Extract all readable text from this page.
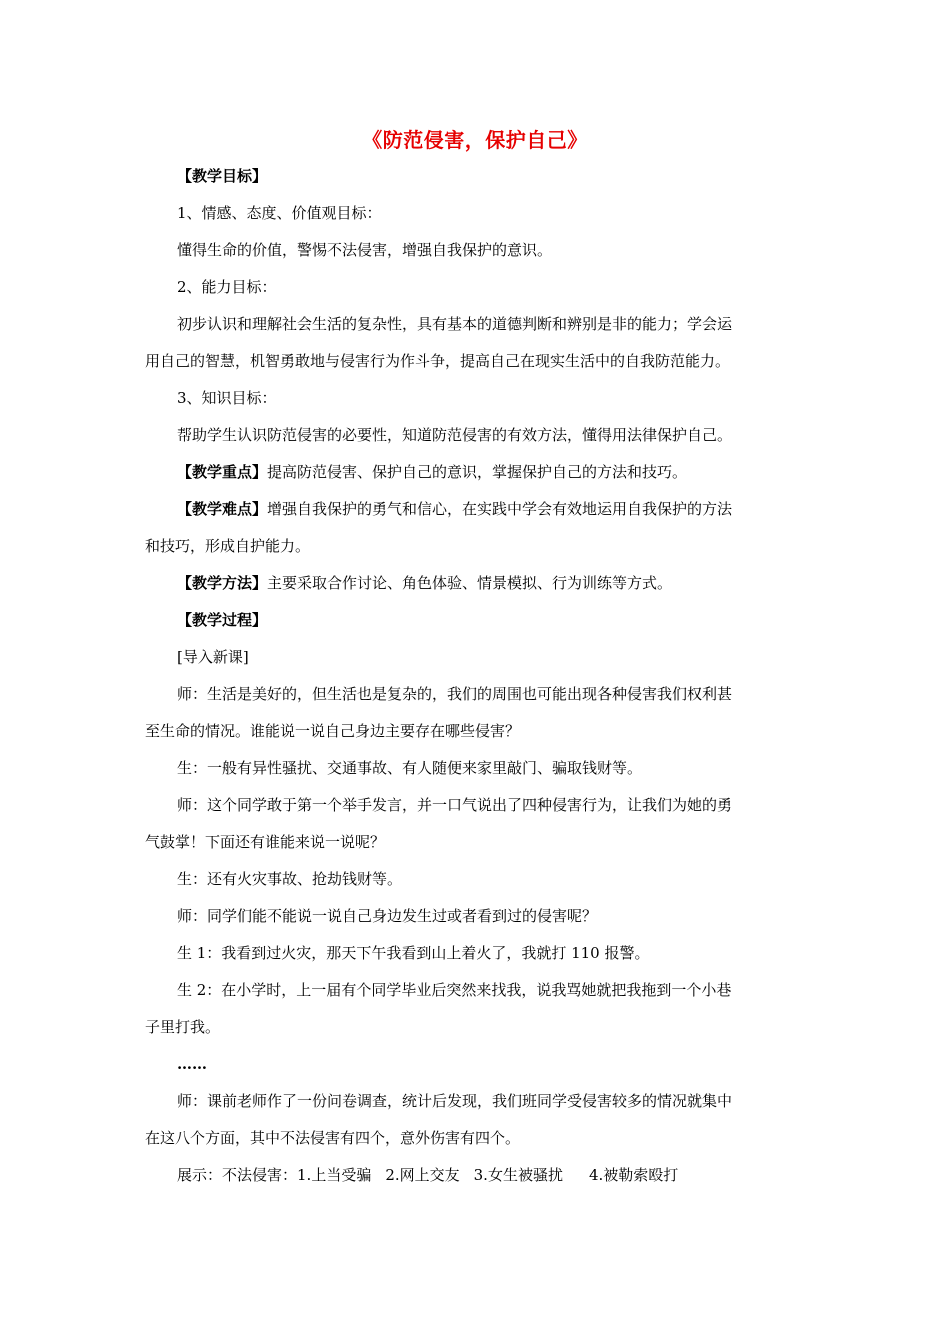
《防范侵害，保护自己》

【教学目标】

1、情感、态度、价值观目标：

懂得生命的价值，警惕不法侵害，增强自我保护的意识。

2、能力目标：

初步认识和理解社会生活的复杂性，具有基本的道德判断和辨别是非的能力；学会运
用自己的智慧，机智勇敢地与侵害行为作斗争，提高自己在现实生活中的自我防范能力。

3、知识目标：

帮助学生认识防范侵害的必要性，知道防范侵害的有效方法，懂得用法律保护自己。

【教学重点】提高防范侵害、保护自己的意识，掌握保护自己的方法和技巧。

【教学难点】增强自我保护的勇气和信心，在实践中学会有效地运用自我保护的方法
和技巧，形成自护能力。

【教学方法】主要采取合作讨论、角色体验、情景模拟、行为训练等方式。

【教学过程】

[导入新课]

师：生活是美好的，但生活也是复杂的，我们的周围也可能出现各种侵害我们权利甚
至生命的情况。谁能说一说自己身边主要存在哪些侵害？

生：一般有异性骚扰、交通事故、有人随便来家里敲门、骗取钱财等。

师：这个同学敢于第一个举手发言，并一口气说出了四种侵害行为，让我们为她的勇
气鼓掌！下面还有谁能来说一说呢？

生：还有火灾事故、抢劫钱财等。

师：同学们能不能说一说自己身边发生过或者看到过的侵害呢？

生 1：我看到过火灾，那天下午我看到山上着火了，我就打 110 报警。

生 2：在小学时，上一届有个同学毕业后突然来找我，说我骂她就把我拖到一个小巷
子里打我。

……

师：课前老师作了一份问卷调查，统计后发现，我们班同学受侵害较多的情况就集中
在这八个方面，其中不法侵害有四个，意外伤害有四个。

展示：不法侵害：1.上当受骗 2.网上交友 3.女生被骚扰 4.被勒索殴打
